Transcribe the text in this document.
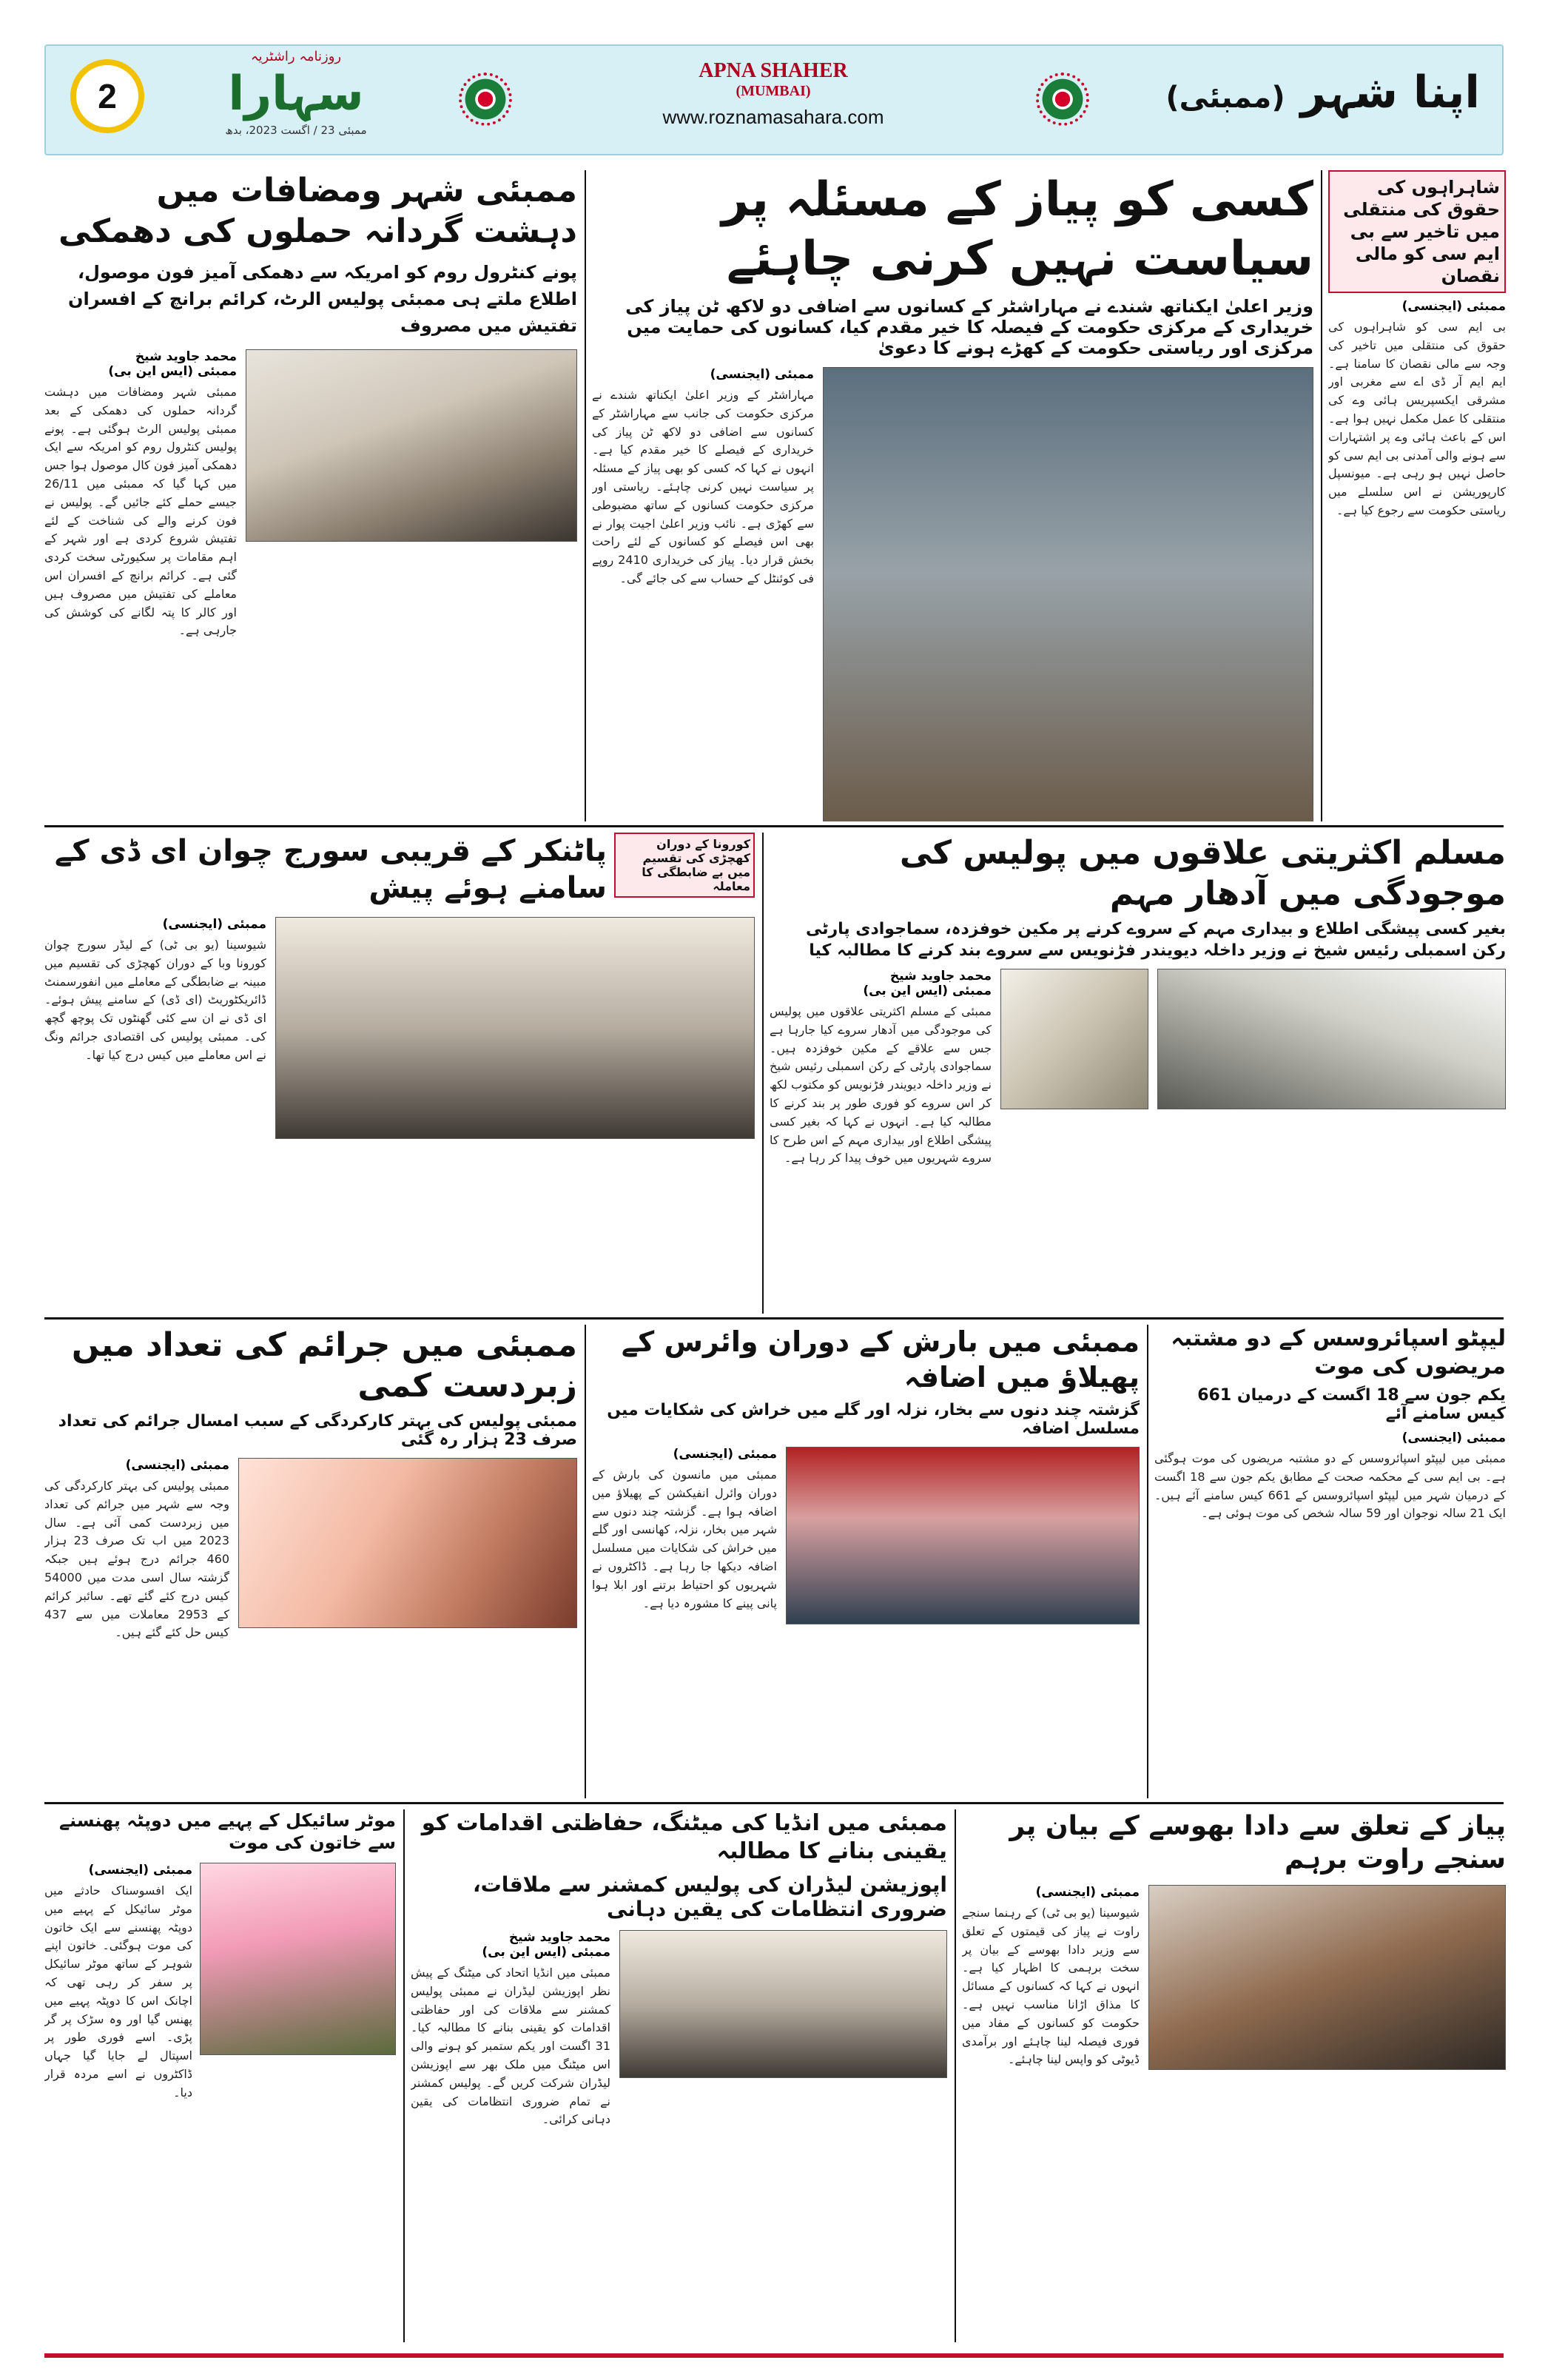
2
روزنامہ راشٹریہ
سہارا
ممبئی 23 / اگست 2023، بدھ
APNA SHAHER
(MUMBAI)
www.roznamasahara.com	اپنا شہر (ممبئی)
شاہراہوں کی حقوق کی منتقلی میں تاخیر سے بی ایم سی کو مالی نقصان
ممبئی (ایجنسی)
بی ایم سی کو شاہراہوں کی حقوق کی منتقلی میں تاخیر کی وجہ سے مالی نقصان کا سامنا ہے۔ ایم ایم آر ڈی اے سے مغربی اور مشرقی ایکسپریس ہائی وے کی منتقلی کا عمل مکمل نہیں ہوا ہے۔ اس کے باعث ہائی وے پر اشتہارات سے ہونے والی آمدنی بی ایم سی کو حاصل نہیں ہو رہی ہے۔ میونسپل کارپوریشن نے اس سلسلے میں ریاستی حکومت سے رجوع کیا ہے۔
کسی کو پیاز کے مسئلہ پر سیاست نہیں کرنی چاہئے
وزیر اعلیٰ ایکناتھ شندے نے مہاراشٹر کے کسانوں سے اضافی دو لاکھ ٹن پیاز کی خریداری کے مرکزی حکومت کے فیصلہ کا خیر مقدم کیا، کسانوں کی حمایت میں مرکزی اور ریاستی حکومت کے کھڑے ہونے کا دعویٰ
ممبئی (ایجنسی)
مہاراشٹر کے وزیر اعلیٰ ایکناتھ شندے نے مرکزی حکومت کی جانب سے مہاراشٹر کے کسانوں سے اضافی دو لاکھ ٹن پیاز کی خریداری کے فیصلے کا خیر مقدم کیا ہے۔ انہوں نے کہا کہ کسی کو بھی پیاز کے مسئلہ پر سیاست نہیں کرنی چاہئے۔ ریاستی اور مرکزی حکومت کسانوں کے ساتھ مضبوطی سے کھڑی ہے۔ نائب وزیر اعلیٰ اجیت پوار نے بھی اس فیصلے کو کسانوں کے لئے راحت بخش قرار دیا۔ پیاز کی خریداری 2410 روپے فی کوئنٹل کے حساب سے کی جائے گی۔
ممبئی شہر ومضافات میں دہشت گردانہ حملوں کی دھمکی
پونے کنٹرول روم کو امریکہ سے دھمکی آمیز فون موصول، اطلاع ملتے ہی ممبئی پولیس الرٹ، کرائم برانچ کے افسران تفتیش میں مصروف
محمد جاوید شیخ
ممبئی (ایس این بی)
ممبئی شہر ومضافات میں دہشت گردانہ حملوں کی دھمکی کے بعد ممبئی پولیس الرٹ ہوگئی ہے۔ پونے پولیس کنٹرول روم کو امریکہ سے ایک دھمکی آمیز فون کال موصول ہوا جس میں کہا گیا کہ ممبئی میں 26/11 جیسے حملے کئے جائیں گے۔ پولیس نے فون کرنے والے کی شناخت کے لئے تفتیش شروع کردی ہے اور شہر کے اہم مقامات پر سکیورٹی سخت کردی گئی ہے۔ کرائم برانچ کے افسران اس معاملے کی تفتیش میں مصروف ہیں اور کالر کا پتہ لگانے کی کوشش کی جارہی ہے۔
مسلم اکثریتی علاقوں میں پولیس کی موجودگی میں آدھار مہم
بغیر کسی پیشگی اطلاع و بیداری مہم کے سروے کرنے پر مکین خوفزدہ، سماجوادی پارٹی
رکن اسمبلی رئیس شیخ نے وزیر داخلہ دیویندر فڑنویس سے سروے بند کرنے کا مطالبہ کیا
محمد جاوید شیخ
ممبئی (ایس این بی)
ممبئی کے مسلم اکثریتی علاقوں میں پولیس کی موجودگی میں آدھار سروے کیا جارہا ہے جس سے علاقے کے مکین خوفزدہ ہیں۔ سماجوادی پارٹی کے رکن اسمبلی رئیس شیخ نے وزیر داخلہ دیویندر فڑنویس کو مکتوب لکھ کر اس سروے کو فوری طور پر بند کرنے کا مطالبہ کیا ہے۔ انہوں نے کہا کہ بغیر کسی پیشگی اطلاع اور بیداری مہم کے اس طرح کا سروے شہریوں میں خوف پیدا کر رہا ہے۔
پاٹنکر کے قریبی سورج چوان ای ڈی کے سامنے ہوئے پیش
کورونا کے دوران کھچڑی کی تقسیم میں بے ضابطگی کا معاملہ
ممبئی (ایجنسی)
شیوسینا (یو بی ٹی) کے لیڈر سورج چوان کورونا وبا کے دوران کھچڑی کی تقسیم میں مبینہ بے ضابطگی کے معاملے میں انفورسمنٹ ڈائریکٹوریٹ (ای ڈی) کے سامنے پیش ہوئے۔ ای ڈی نے ان سے کئی گھنٹوں تک پوچھ گچھ کی۔ ممبئی پولیس کی اقتصادی جرائم ونگ نے اس معاملے میں کیس درج کیا تھا۔
لیپٹو اسپائروسس کے دو مشتبہ مریضوں کی موت
یکم جون سے 18 اگست کے درمیان 661 کیس سامنے آئے
ممبئی (ایجنسی)
ممبئی میں لیپٹو اسپائروسس کے دو مشتبہ مریضوں کی موت ہوگئی ہے۔ بی ایم سی کے محکمہ صحت کے مطابق یکم جون سے 18 اگست کے درمیان شہر میں لیپٹو اسپائروسس کے 661 کیس سامنے آئے ہیں۔ ایک 21 سالہ نوجوان اور 59 سالہ شخص کی موت ہوئی ہے۔
ممبئی میں بارش کے دوران وائرس کے پھیلاؤ میں اضافہ
گزشتہ چند دنوں سے بخار، نزلہ اور گلے میں خراش کی شکایات میں مسلسل اضافہ
ممبئی (ایجنسی)
ممبئی میں مانسون کی بارش کے دوران وائرل انفیکشن کے پھیلاؤ میں اضافہ ہوا ہے۔ گزشتہ چند دنوں سے شہر میں بخار، نزلہ، کھانسی اور گلے میں خراش کی شکایات میں مسلسل اضافہ دیکھا جا رہا ہے۔ ڈاکٹروں نے شہریوں کو احتیاط برتنے اور ابلا ہوا پانی پینے کا مشورہ دیا ہے۔
ممبئی میں جرائم کی تعداد میں زبردست کمی
ممبئی پولیس کی بہتر کارکردگی کے سبب امسال جرائم کی تعداد صرف 23 ہزار رہ گئی
ممبئی (ایجنسی)
ممبئی پولیس کی بہتر کارکردگی کی وجہ سے شہر میں جرائم کی تعداد میں زبردست کمی آئی ہے۔ سال 2023 میں اب تک صرف 23 ہزار 460 جرائم درج ہوئے ہیں جبکہ گزشتہ سال اسی مدت میں 54000 کیس درج کئے گئے تھے۔ سائبر کرائم کے 2953 معاملات میں سے 437 کیس حل کئے گئے ہیں۔
پیاز کے تعلق سے دادا بھوسے کے بیان پر سنجے راوت برہم
ممبئی (ایجنسی)
شیوسینا (یو بی ٹی) کے رہنما سنجے راوت نے پیاز کی قیمتوں کے تعلق سے وزیر دادا بھوسے کے بیان پر سخت برہمی کا اظہار کیا ہے۔ انہوں نے کہا کہ کسانوں کے مسائل کا مذاق اڑانا مناسب نہیں ہے۔ حکومت کو کسانوں کے مفاد میں فوری فیصلہ لینا چاہئے اور برآمدی ڈیوٹی کو واپس لینا چاہئے۔
ممبئی میں انڈیا کی میٹنگ، حفاظتی اقدامات کو یقینی بنانے کا مطالبہ
اپوزیشن لیڈران کی پولیس کمشنر سے ملاقات، ضروری انتظامات کی یقین دہانی
محمد جاوید شیخ
ممبئی (ایس این بی)
ممبئی میں انڈیا اتحاد کی میٹنگ کے پیش نظر اپوزیشن لیڈران نے ممبئی پولیس کمشنر سے ملاقات کی اور حفاظتی اقدامات کو یقینی بنانے کا مطالبہ کیا۔ 31 اگست اور یکم ستمبر کو ہونے والی اس میٹنگ میں ملک بھر سے اپوزیشن لیڈران شرکت کریں گے۔ پولیس کمشنر نے تمام ضروری انتظامات کی یقین دہانی کرائی۔
موٹر سائیکل کے پہیے میں دوپٹہ پھنسنے سے خاتون کی موت
ممبئی (ایجنسی)
ایک افسوسناک حادثے میں موٹر سائیکل کے پہیے میں دوپٹہ پھنسنے سے ایک خاتون کی موت ہوگئی۔ خاتون اپنے شوہر کے ساتھ موٹر سائیکل پر سفر کر رہی تھی کہ اچانک اس کا دوپٹہ پہیے میں پھنس گیا اور وہ سڑک پر گر پڑی۔ اسے فوری طور پر اسپتال لے جایا گیا جہاں ڈاکٹروں نے اسے مردہ قرار دیا۔
